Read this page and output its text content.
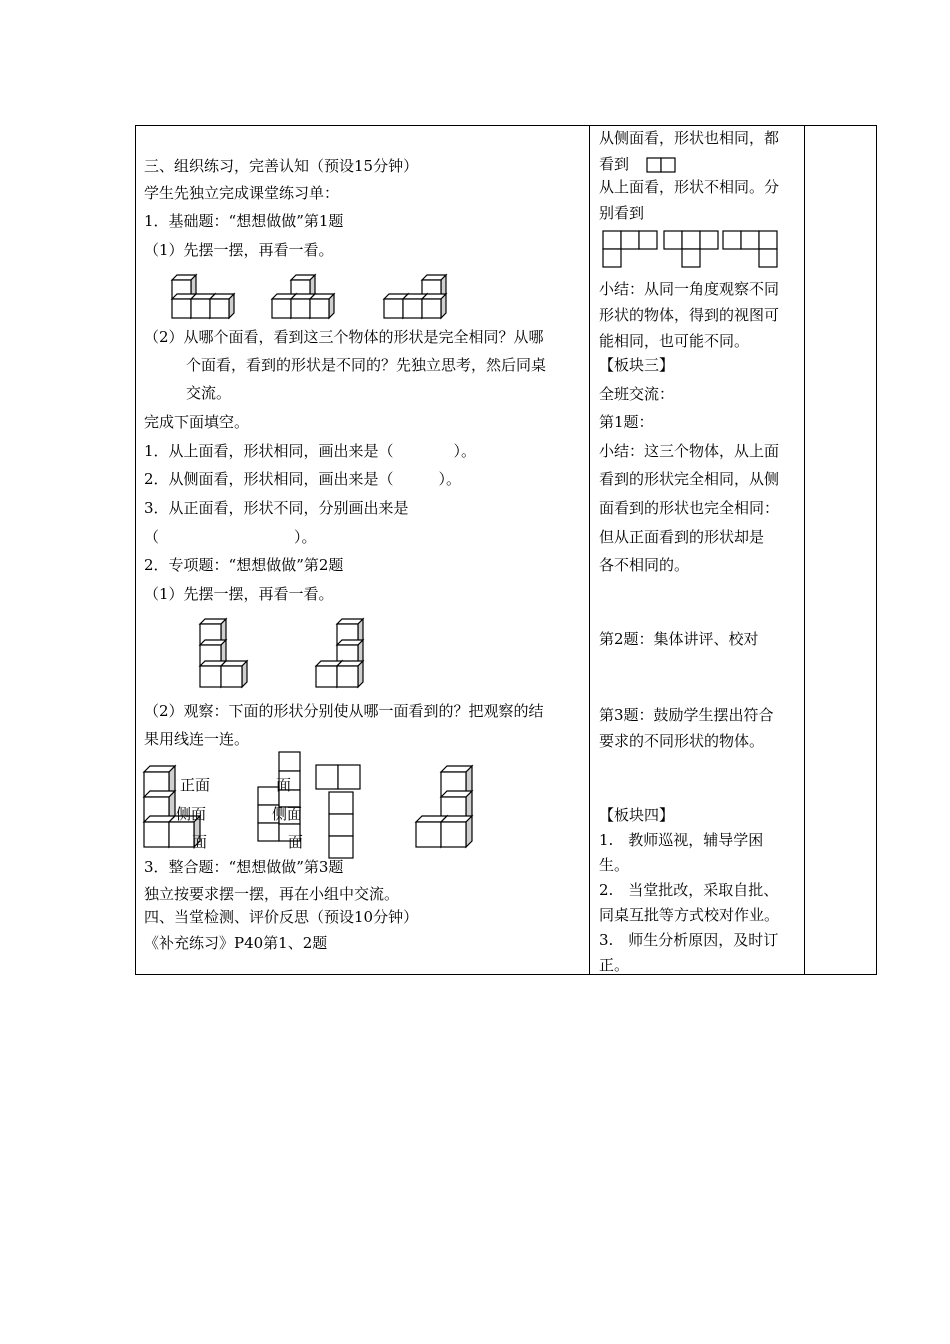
三、组织练习，完善认知（预设15分钟）
学生先独立完成课堂练习单：
1．基础题：“想想做做”第1题
（1）先摆一摆，再看一看。
（2）从哪个面看，看到这三个物体的形状是完全相同？从哪
个面看，看到的形状是不同的？先独立思考，然后同桌
交流。
完成下面填空。
1．从上面看，形状相同，画出来是（　　　　）。
2．从侧面看，形状相同，画出来是（　　　）。
3．从正面看，形状不同，分别画出来是
（　　　　　　　　　）。
2．专项题：“想想做做”第2题
（1）先摆一摆，再看一看。
（2）观察：下面的形状分别使从哪一面看到的？把观察的结
果用线连一连。
正面
侧面
面
面
侧面
面
3．整合题：“想想做做”第3题
独立按要求摆一摆，再在小组中交流。
四、当堂检测、评价反思（预设10分钟）
《补充练习》P40第1、2题
从侧面看，形状也相同，都
看到
从上面看，形状不相同。分
别看到
小结：从同一角度观察不同
形状的物体，得到的视图可
能相同，也可能不同。
【板块三】
全班交流：
第1题：
小结：这三个物体，从上面
看到的形状完全相同，从侧
面看到的形状也完全相同：
但从正面看到的形状却是
各不相同的。
第2题：集体讲评、校对
第3题：鼓励学生摆出符合
要求的不同形状的物体。
【板块四】
1.　教师巡视，辅导学困
生。
2.　当堂批改，采取自批、
同桌互批等方式校对作业。
3.　师生分析原因，及时订
正。
